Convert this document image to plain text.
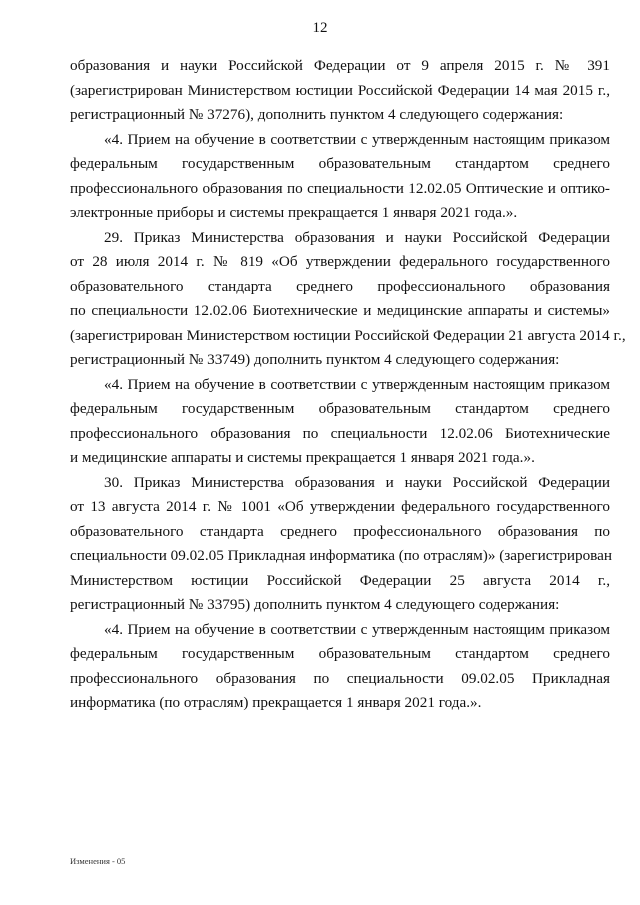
12
образования и науки Российской Федерации от 9 апреля 2015 г. № 391
(зарегистрирован Министерством юстиции Российской Федерации 14 мая 2015 г.,
регистрационный № 37276), дополнить пунктом 4 следующего содержания:
«4. Прием на обучение в соответствии с утвержденным настоящим приказом
федеральным государственным образовательным стандартом среднего
профессионального образования по специальности 12.02.05 Оптические и оптико-
электронные приборы и системы прекращается 1 января 2021 года.».
29. Приказ Министерства образования и науки Российской Федерации
от 28 июля 2014 г. № 819 «Об утверждении федерального государственного
образовательного стандарта среднего профессионального образования
по специальности 12.02.06 Биотехнические и медицинские аппараты и системы»
(зарегистрирован Министерством юстиции Российской Федерации 21 августа 2014 г.,
регистрационный № 33749) дополнить пунктом 4 следующего содержания:
«4. Прием на обучение в соответствии с утвержденным настоящим приказом
федеральным государственным образовательным стандартом среднего
профессионального образования по специальности 12.02.06 Биотехнические
и медицинские аппараты и системы прекращается 1 января 2021 года.».
30. Приказ Министерства образования и науки Российской Федерации
от 13 августа 2014 г. № 1001 «Об утверждении федерального государственного
образовательного стандарта среднего профессионального образования по
специальности 09.02.05 Прикладная информатика (по отраслям)» (зарегистрирован
Министерством юстиции Российской Федерации 25 августа 2014 г.,
регистрационный № 33795) дополнить пунктом 4 следующего содержания:
«4. Прием на обучение в соответствии с утвержденным настоящим приказом
федеральным государственным образовательным стандартом среднего
профессионального образования по специальности 09.02.05 Прикладная
информатика (по отраслям) прекращается 1 января 2021 года.».
Изменения - 05
